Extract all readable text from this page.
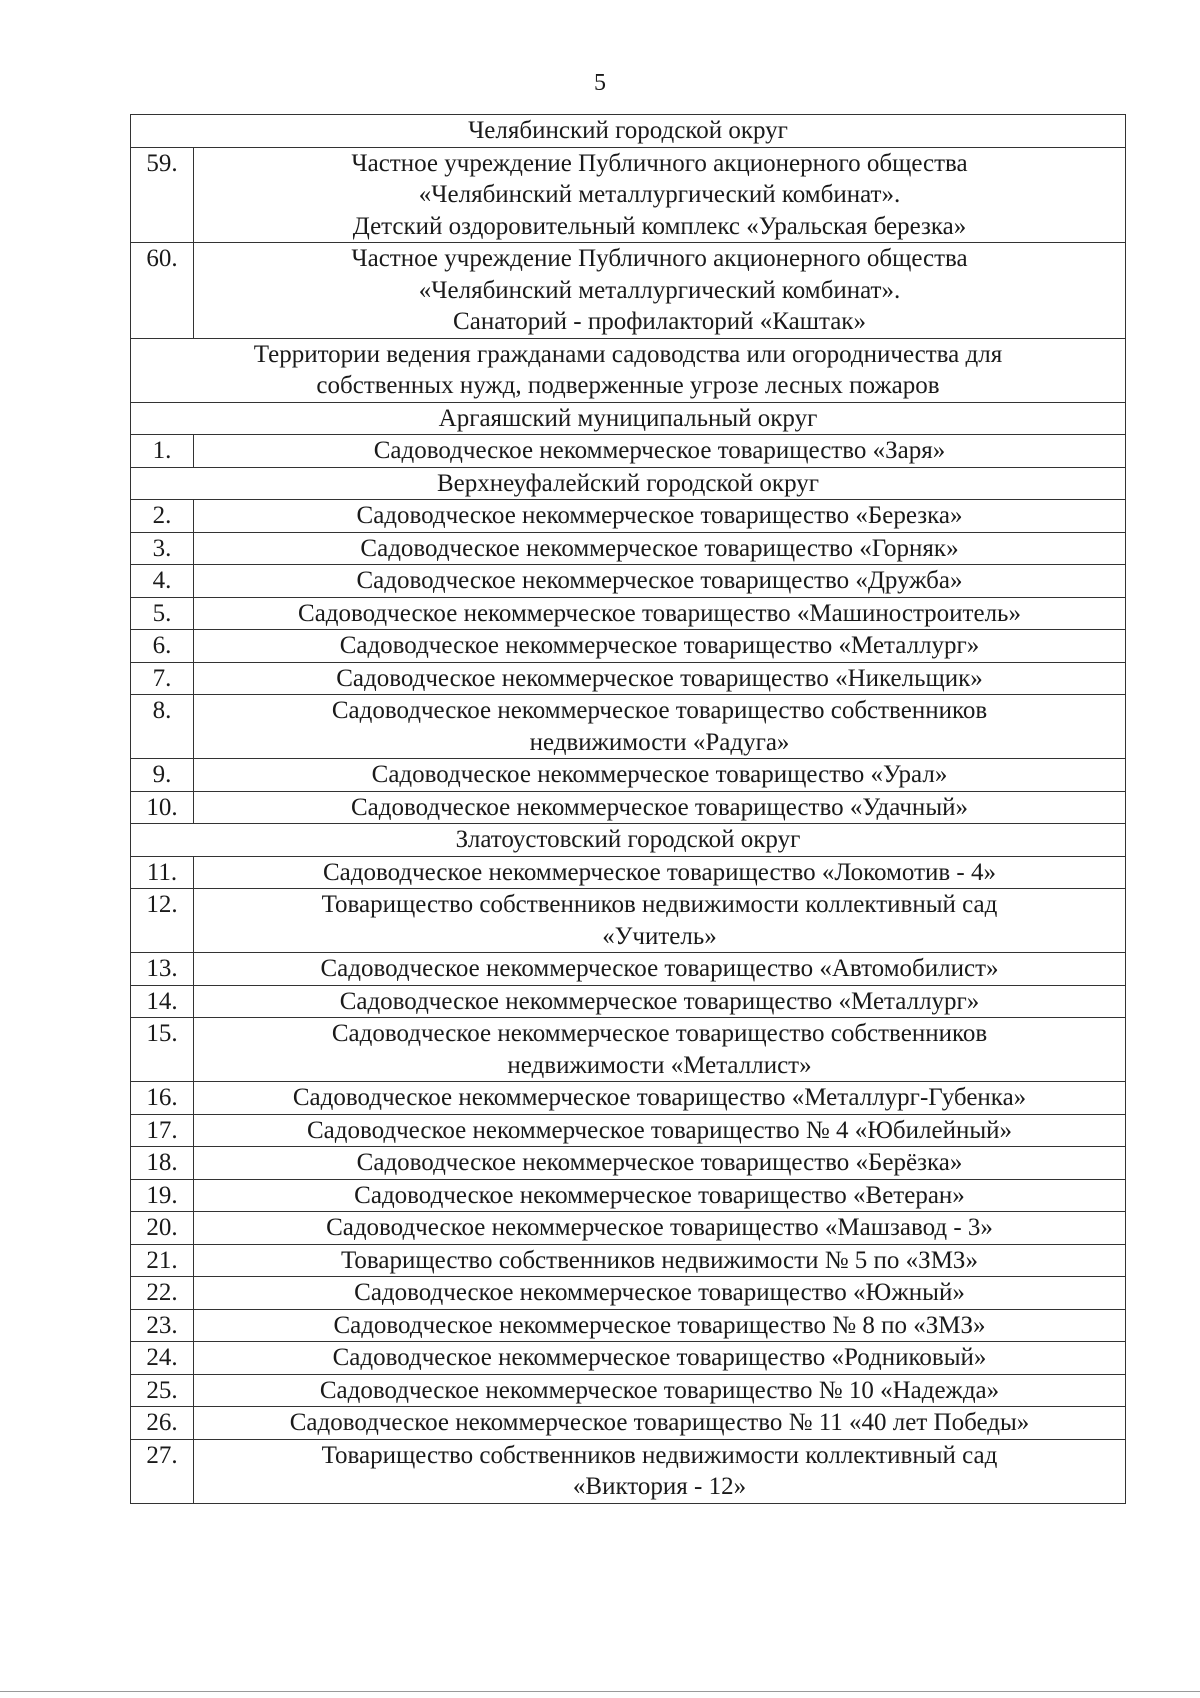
5
Челябинский городской округ	
59.	Частное учреждение Публичного акционерного общества
«Челябинский металлургический комбинат».
Детский оздоровительный комплекс «Уральская березка»

60.	Частное учреждение Публичного акционерного общества
«Челябинский металлургический комбинат».
Санаторий - профилакторий «Каштак»

Территории ведения гражданами садоводства или огородничества для
собственных нужд, подверженные угрозе лесных пожаров	

Аргаяшский муниципальный округ	
1.	Садоводческое некоммерческое товарищество «Заря»

Верхнеуфалейский городской округ	
2.	Садоводческое некоммерческое товарищество «Березка»

3.	Садоводческое некоммерческое товарищество «Горняк»

4.	Садоводческое некоммерческое товарищество «Дружба»

5.	Садоводческое некоммерческое товарищество «Машиностроитель»

6.	Садоводческое некоммерческое товарищество «Металлург»

7.	Садоводческое некоммерческое товарищество «Никельщик»

8.	Садоводческое некоммерческое товарищество собственников
недвижимости «Радуга»

9.	Садоводческое некоммерческое товарищество «Урал»

10.	Садоводческое некоммерческое товарищество «Удачный»

Златоустовский городской округ	
11.	Садоводческое некоммерческое товарищество «Локомотив - 4»

12.	Товарищество собственников недвижимости коллективный сад
«Учитель»

13.	Садоводческое некоммерческое товарищество «Автомобилист»

14.	Садоводческое некоммерческое товарищество «Металлург»

15.	Садоводческое некоммерческое товарищество собственников
недвижимости «Металлист»

16.	Садоводческое некоммерческое товарищество «Металлург-Губенка»

17.	Садоводческое некоммерческое товарищество № 4 «Юбилейный»

18.	Садоводческое некоммерческое товарищество «Берёзка»

19.	Садоводческое некоммерческое товарищество «Ветеран»

20.	Садоводческое некоммерческое товарищество «Машзавод - 3»

21.	Товарищество собственников недвижимости № 5 по «ЗМЗ»

22.	Садоводческое некоммерческое товарищество «Южный»

23.	Садоводческое некоммерческое товарищество № 8 по «ЗМЗ»

24.	Садоводческое некоммерческое товарищество «Родниковый»

25.	Садоводческое некоммерческое товарищество № 10 «Надежда»

26.	Садоводческое некоммерческое товарищество № 11 «40 лет Победы»

27.	Товарищество собственников недвижимости коллективный сад
«Виктория - 12»
